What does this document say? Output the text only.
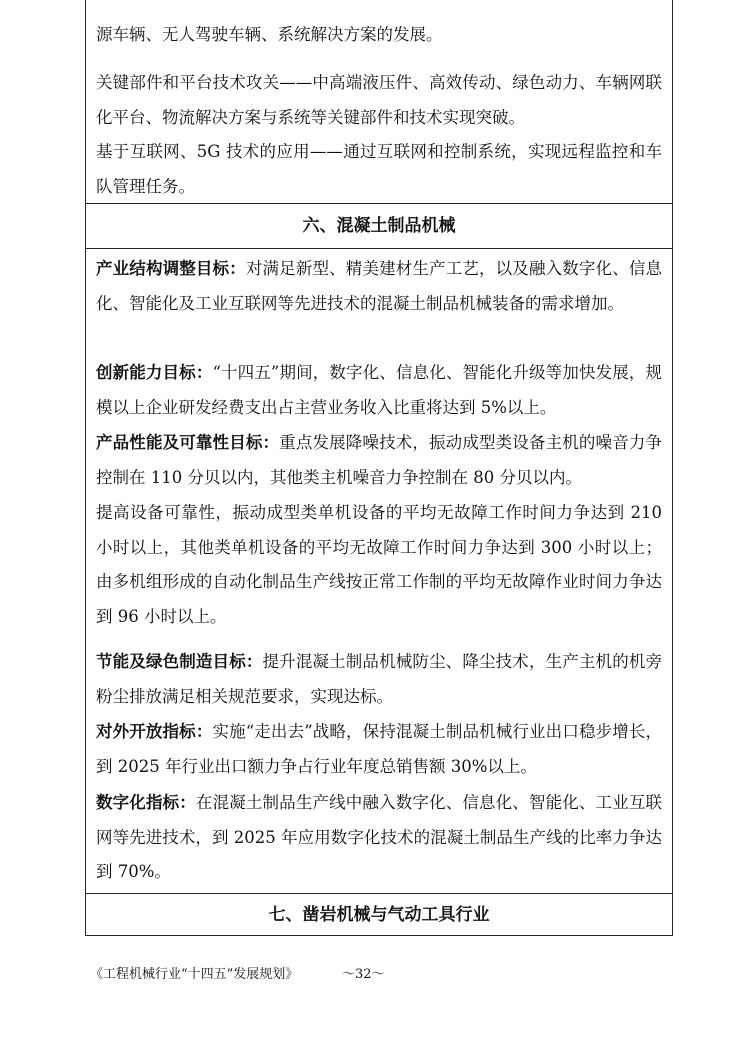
源车辆、无人驾驶车辆、系统解决方案的发展。

关键部件和平台技术攻关——中高端液压件、高效传动、绿色动力、车辆网联化平台、物流解决方案与系统等关键部件和技术实现突破。

基于互联网、5G 技术的应用——通过互联网和控制系统，实现远程监控和车队管理任务。

六、混凝土制品机械

产业结构调整目标：对满足新型、精美建材生产工艺，以及融入数字化、信息化、智能化及工业互联网等先进技术的混凝土制品机械装备的需求增加。

创新能力目标：“十四五”期间，数字化、信息化、智能化升级等加快发展，规模以上企业研发经费支出占主营业务收入比重将达到 5%以上。

产品性能及可靠性目标：重点发展降噪技术，振动成型类设备主机的噪音力争控制在 110 分贝以内，其他类主机噪音力争控制在 80 分贝以内。

提高设备可靠性，振动成型类单机设备的平均无故障工作时间力争达到 210 小时以上，其他类单机设备的平均无故障工作时间力争达到 300 小时以上；由多机组形成的自动化制品生产线按正常工作制的平均无故障作业时间力争达到 96 小时以上。

节能及绿色制造目标：提升混凝土制品机械防尘、降尘技术，生产主机的机旁粉尘排放满足相关规范要求，实现达标。

对外开放指标：实施“走出去”战略，保持混凝土制品机械行业出口稳步增长，到 2025 年行业出口额力争占行业年度总销售额 30%以上。

数字化指标：在混凝土制品生产线中融入数字化、信息化、智能化、工业互联网等先进技术，到 2025 年应用数字化技术的混凝土制品生产线的比率力争达到 70%。

七、凿岩机械与气动工具行业
《工程机械行业“十四五”发展规划》	～32～
